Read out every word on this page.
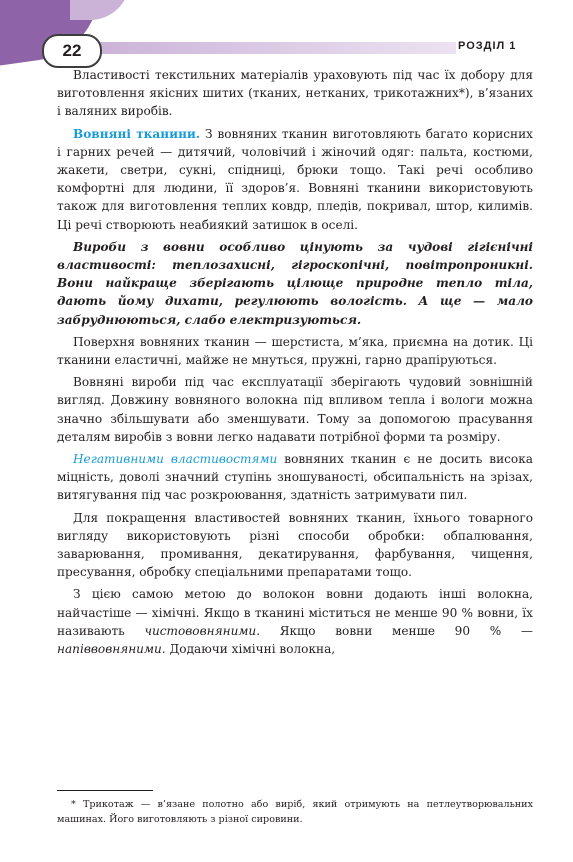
22	РОЗДІЛ 1

Властивості текстильних матеріалів ураховують під час їх добору для виготовлення якісних шитих (тканих, нетканих, трикотажних*), в’язаних і валяних виробів.

Вовняні тканини. З вовняних тканин виготовляють багато корисних і гарних речей — дитячий, чоловічий і жіночий одяг: пальта, костюми, жакети, светри, сукні, спідниці, брюки тощо. Такі речі особливо комфортні для людини, її здоров’я. Вовняні тканини використовують також для виготовлення теплих ковдр, пледів, покривал, штор, килимів. Ці речі створюють неабиякий затишок в оселі.

Вироби з вовни особливо цінують за чудові гігієнічні властивості: теплозахисні, гігроскопічні, повітропроникні. Вони найкраще зберігають цілюще природне тепло тіла, дають йому дихати, регулюють вологість. А ще — мало забруднюються, слабо електризуються.

Поверхня вовняних тканин — шерстиста, м’яка, приємна на дотик. Ці тканини еластичні, майже не мнуться, пружні, гарно драпіруються.

Вовняні вироби під час експлуатації зберігають чудовий зовнішній вигляд. Довжину вовняного волокна під впливом тепла і вологи можна значно збільшувати або зменшувати. Тому за допомогою прасування деталям виробів з вовни легко надавати потрібної форми та розміру.

Негативними властивостями вовняних тканин є не досить висока міцність, доволі значний ступінь зношуваності, обсипальність на зрізах, витягування під час розкроювання, здатність затримувати пил.

Для покращення властивостей вовняних тканин, їхнього товарного вигляду використовують різні способи обробки: обпалювання, заварювання, промивання, декатирування, фарбування, чищення, пресування, обробку спеціальними препаратами тощо.

З цією самою метою до волокон вовни додають інші волокна, найчастіше — хімічні. Якщо в тканині міститься не менше 90 % вовни, їх називають чистововняними. Якщо вовни менше 90 % — напіввовняними. Додаючи хімічні волокна,

* Трикотаж — в’язане полотно або виріб, який отримують на петлеутворювальних машинах. Його виготовляють з різної сировини.
